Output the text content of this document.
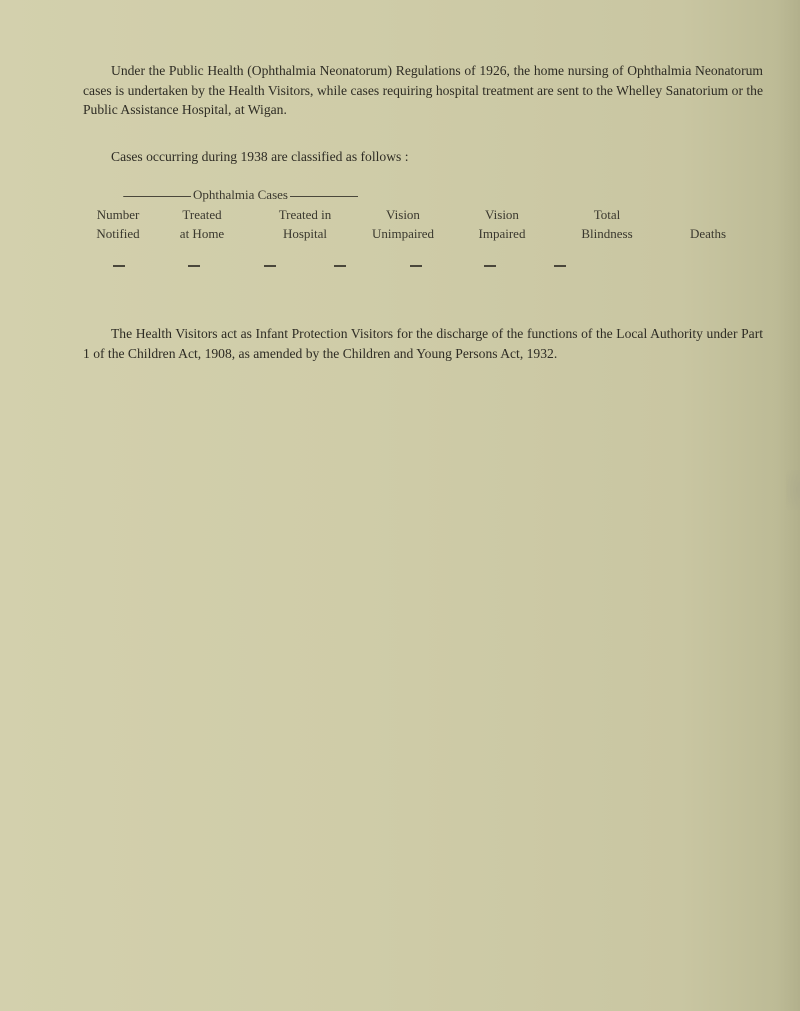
Under the Public Health (Ophthalmia Neonatorum) Regulations of 1926, the home nursing of Ophthalmia Neonatorum cases is undertaken by the Health Visitors, while cases requiring hospital treatment are sent to the Whelley Sanatorium or the Public Assistance Hospital, at Wigan.

Cases occurring during 1938 are classified as follows :

Ophthalmia Cases
Number
Notified
Treated
at Home
Treated in
Hospital
Vision
Unimpaired
Vision
Impaired
Total
Blindness	Deaths

The Health Visitors act as Infant Protection Visitors for the discharge of the functions of the Local Authority under Part 1 of the Children Act, 1908, as amended by the Children and Young Persons Act, 1932.
